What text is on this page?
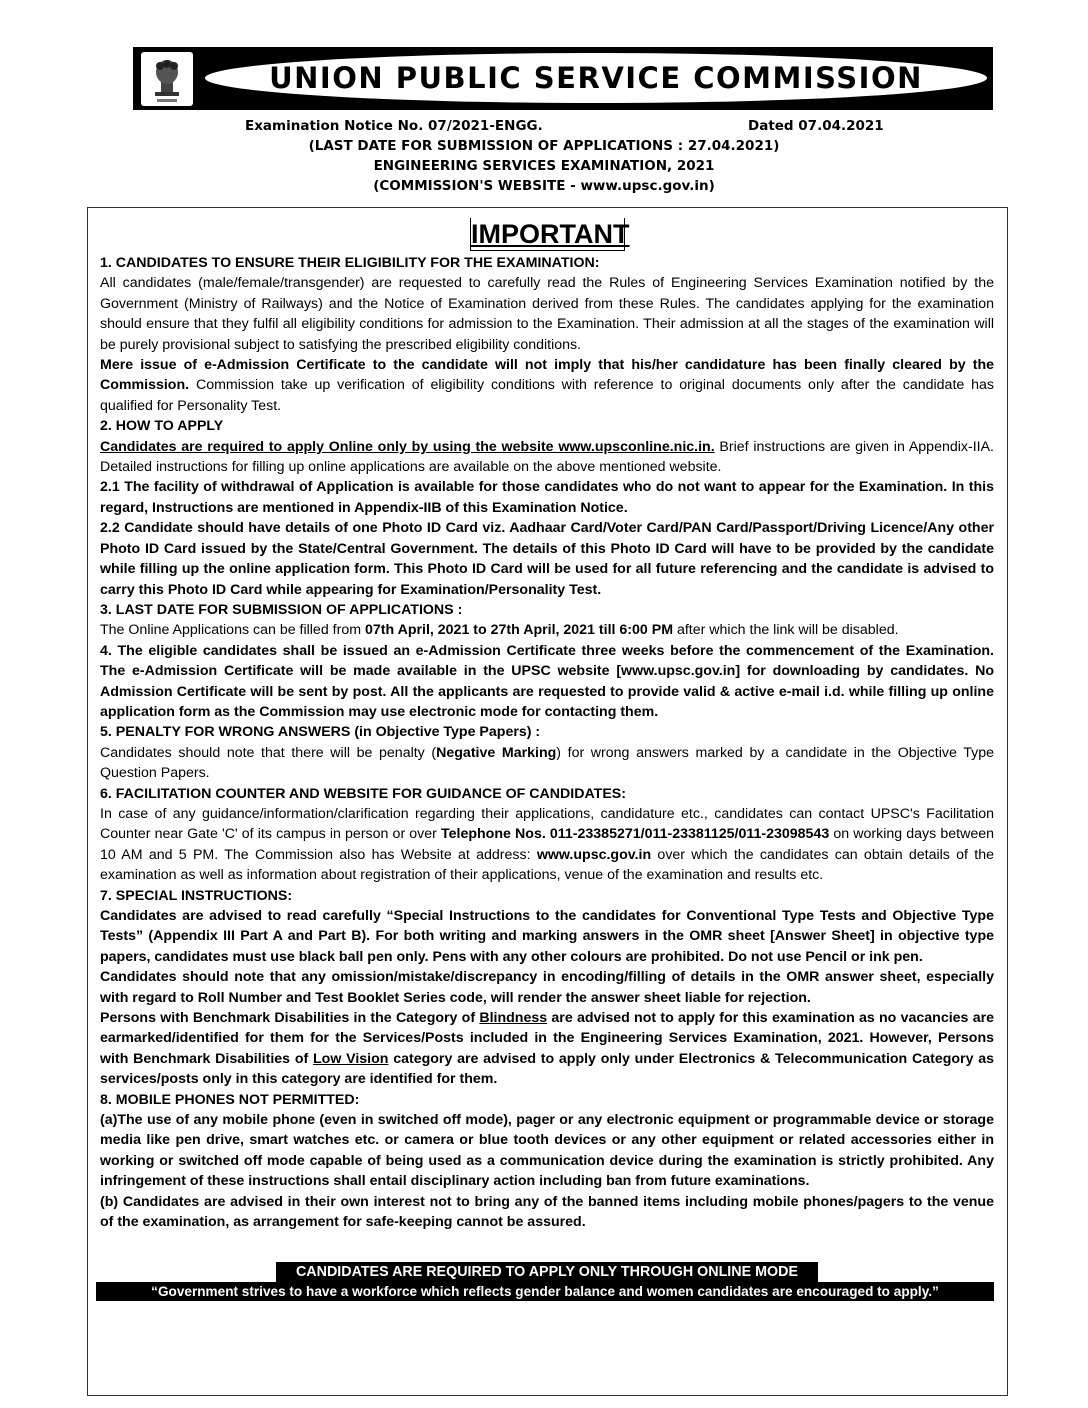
UNION PUBLIC SERVICE COMMISSION
Examination Notice No. 07/2021-ENGG.	Dated 07.04.2021
(LAST DATE FOR SUBMISSION OF APPLICATIONS : 27.04.2021)
ENGINEERING SERVICES EXAMINATION, 2021
(COMMISSION'S WEBSITE - www.upsc.gov.in)
IMPORTANT

1. CANDIDATES TO ENSURE THEIR ELIGIBILITY FOR THE EXAMINATION:

All candidates (male/female/transgender) are requested to carefully read the Rules of Engineering Services Examination notified by the Government (Ministry of Railways) and the Notice of Examination derived from these Rules. The candidates applying for the examination should ensure that they fulfil all eligibility conditions for admission to the Examination. Their admission at all the stages of the examination will be purely provisional subject to satisfying the prescribed eligibility conditions.

Mere issue of e-Admission Certificate to the candidate will not imply that his/her candidature has been finally cleared by the Commission. Commission take up verification of eligibility conditions with reference to original documents only after the candidate has qualified for Personality Test.

2. HOW TO APPLY

Candidates are required to apply Online only by using the website www.upsconline.nic.in. Brief instructions are given in Appendix-IIA. Detailed instructions for filling up online applications are available on the above mentioned website.

2.1 The facility of withdrawal of Application is available for those candidates who do not want to appear for the Examination. In this regard, Instructions are mentioned in Appendix-IIB of this Examination Notice.

2.2 Candidate should have details of one Photo ID Card viz. Aadhaar Card/Voter Card/PAN Card/Passport/Driving Licence/Any other Photo ID Card issued by the State/Central Government. The details of this Photo ID Card will have to be provided by the candidate while filling up the online application form. This Photo ID Card will be used for all future referencing and the candidate is advised to carry this Photo ID Card while appearing for Examination/Personality Test.

3. LAST DATE FOR SUBMISSION OF APPLICATIONS :

The Online Applications can be filled from 07th April, 2021 to 27th April, 2021 till 6:00 PM after which the link will be disabled.

4. The eligible candidates shall be issued an e-Admission Certificate three weeks before the commencement of the Examination. The e-Admission Certificate will be made available in the UPSC website [www.upsc.gov.in] for downloading by candidates. No Admission Certificate will be sent by post. All the applicants are requested to provide valid & active e-mail i.d. while filling up online application form as the Commission may use electronic mode for contacting them.

5. PENALTY FOR WRONG ANSWERS (in Objective Type Papers) :

Candidates should note that there will be penalty (Negative Marking) for wrong answers marked by a candidate in the Objective Type Question Papers.

6. FACILITATION COUNTER AND WEBSITE FOR GUIDANCE OF CANDIDATES:

In case of any guidance/information/clarification regarding their applications, candidature etc., candidates can contact UPSC's Facilitation Counter near Gate 'C' of its campus in person or over Telephone Nos. 011-23385271/011-23381125/011-23098543 on working days between 10 AM and 5 PM. The Commission also has Website at address: www.upsc.gov.in over which the candidates can obtain details of the examination as well as information about registration of their applications, venue of the examination and results etc.

7. SPECIAL INSTRUCTIONS:

Candidates are advised to read carefully “Special Instructions to the candidates for Conventional Type Tests and Objective Type Tests” (Appendix III Part A and Part B). For both writing and marking answers in the OMR sheet [Answer Sheet] in objective type papers, candidates must use black ball pen only. Pens with any other colours are prohibited. Do not use Pencil or ink pen.

Candidates should note that any omission/mistake/discrepancy in encoding/filling of details in the OMR answer sheet, especially with regard to Roll Number and Test Booklet Series code, will render the answer sheet liable for rejection.

Persons with Benchmark Disabilities in the Category of Blindness are advised not to apply for this examination as no vacancies are earmarked/identified for them for the Services/Posts included in the Engineering Services Examination, 2021. However, Persons with Benchmark Disabilities of Low Vision category are advised to apply only under Electronics & Telecommunication Category as services/posts only in this category are identified for them.

8. MOBILE PHONES NOT PERMITTED:

(a)The use of any mobile phone (even in switched off mode), pager or any electronic equipment or programmable device or storage media like pen drive, smart watches etc. or camera or blue tooth devices or any other equipment or related accessories either in working or switched off mode capable of being used as a communication device during the examination is strictly prohibited. Any infringement of these instructions shall entail disciplinary action including ban from future examinations.

(b) Candidates are advised in their own interest not to bring any of the banned items including mobile phones/pagers to the venue of the examination, as arrangement for safe-keeping cannot be assured.

CANDIDATES ARE REQUIRED TO APPLY ONLY THROUGH ONLINE MODE
“Government strives to have a workforce which reflects gender balance and women candidates are encouraged to apply.”
